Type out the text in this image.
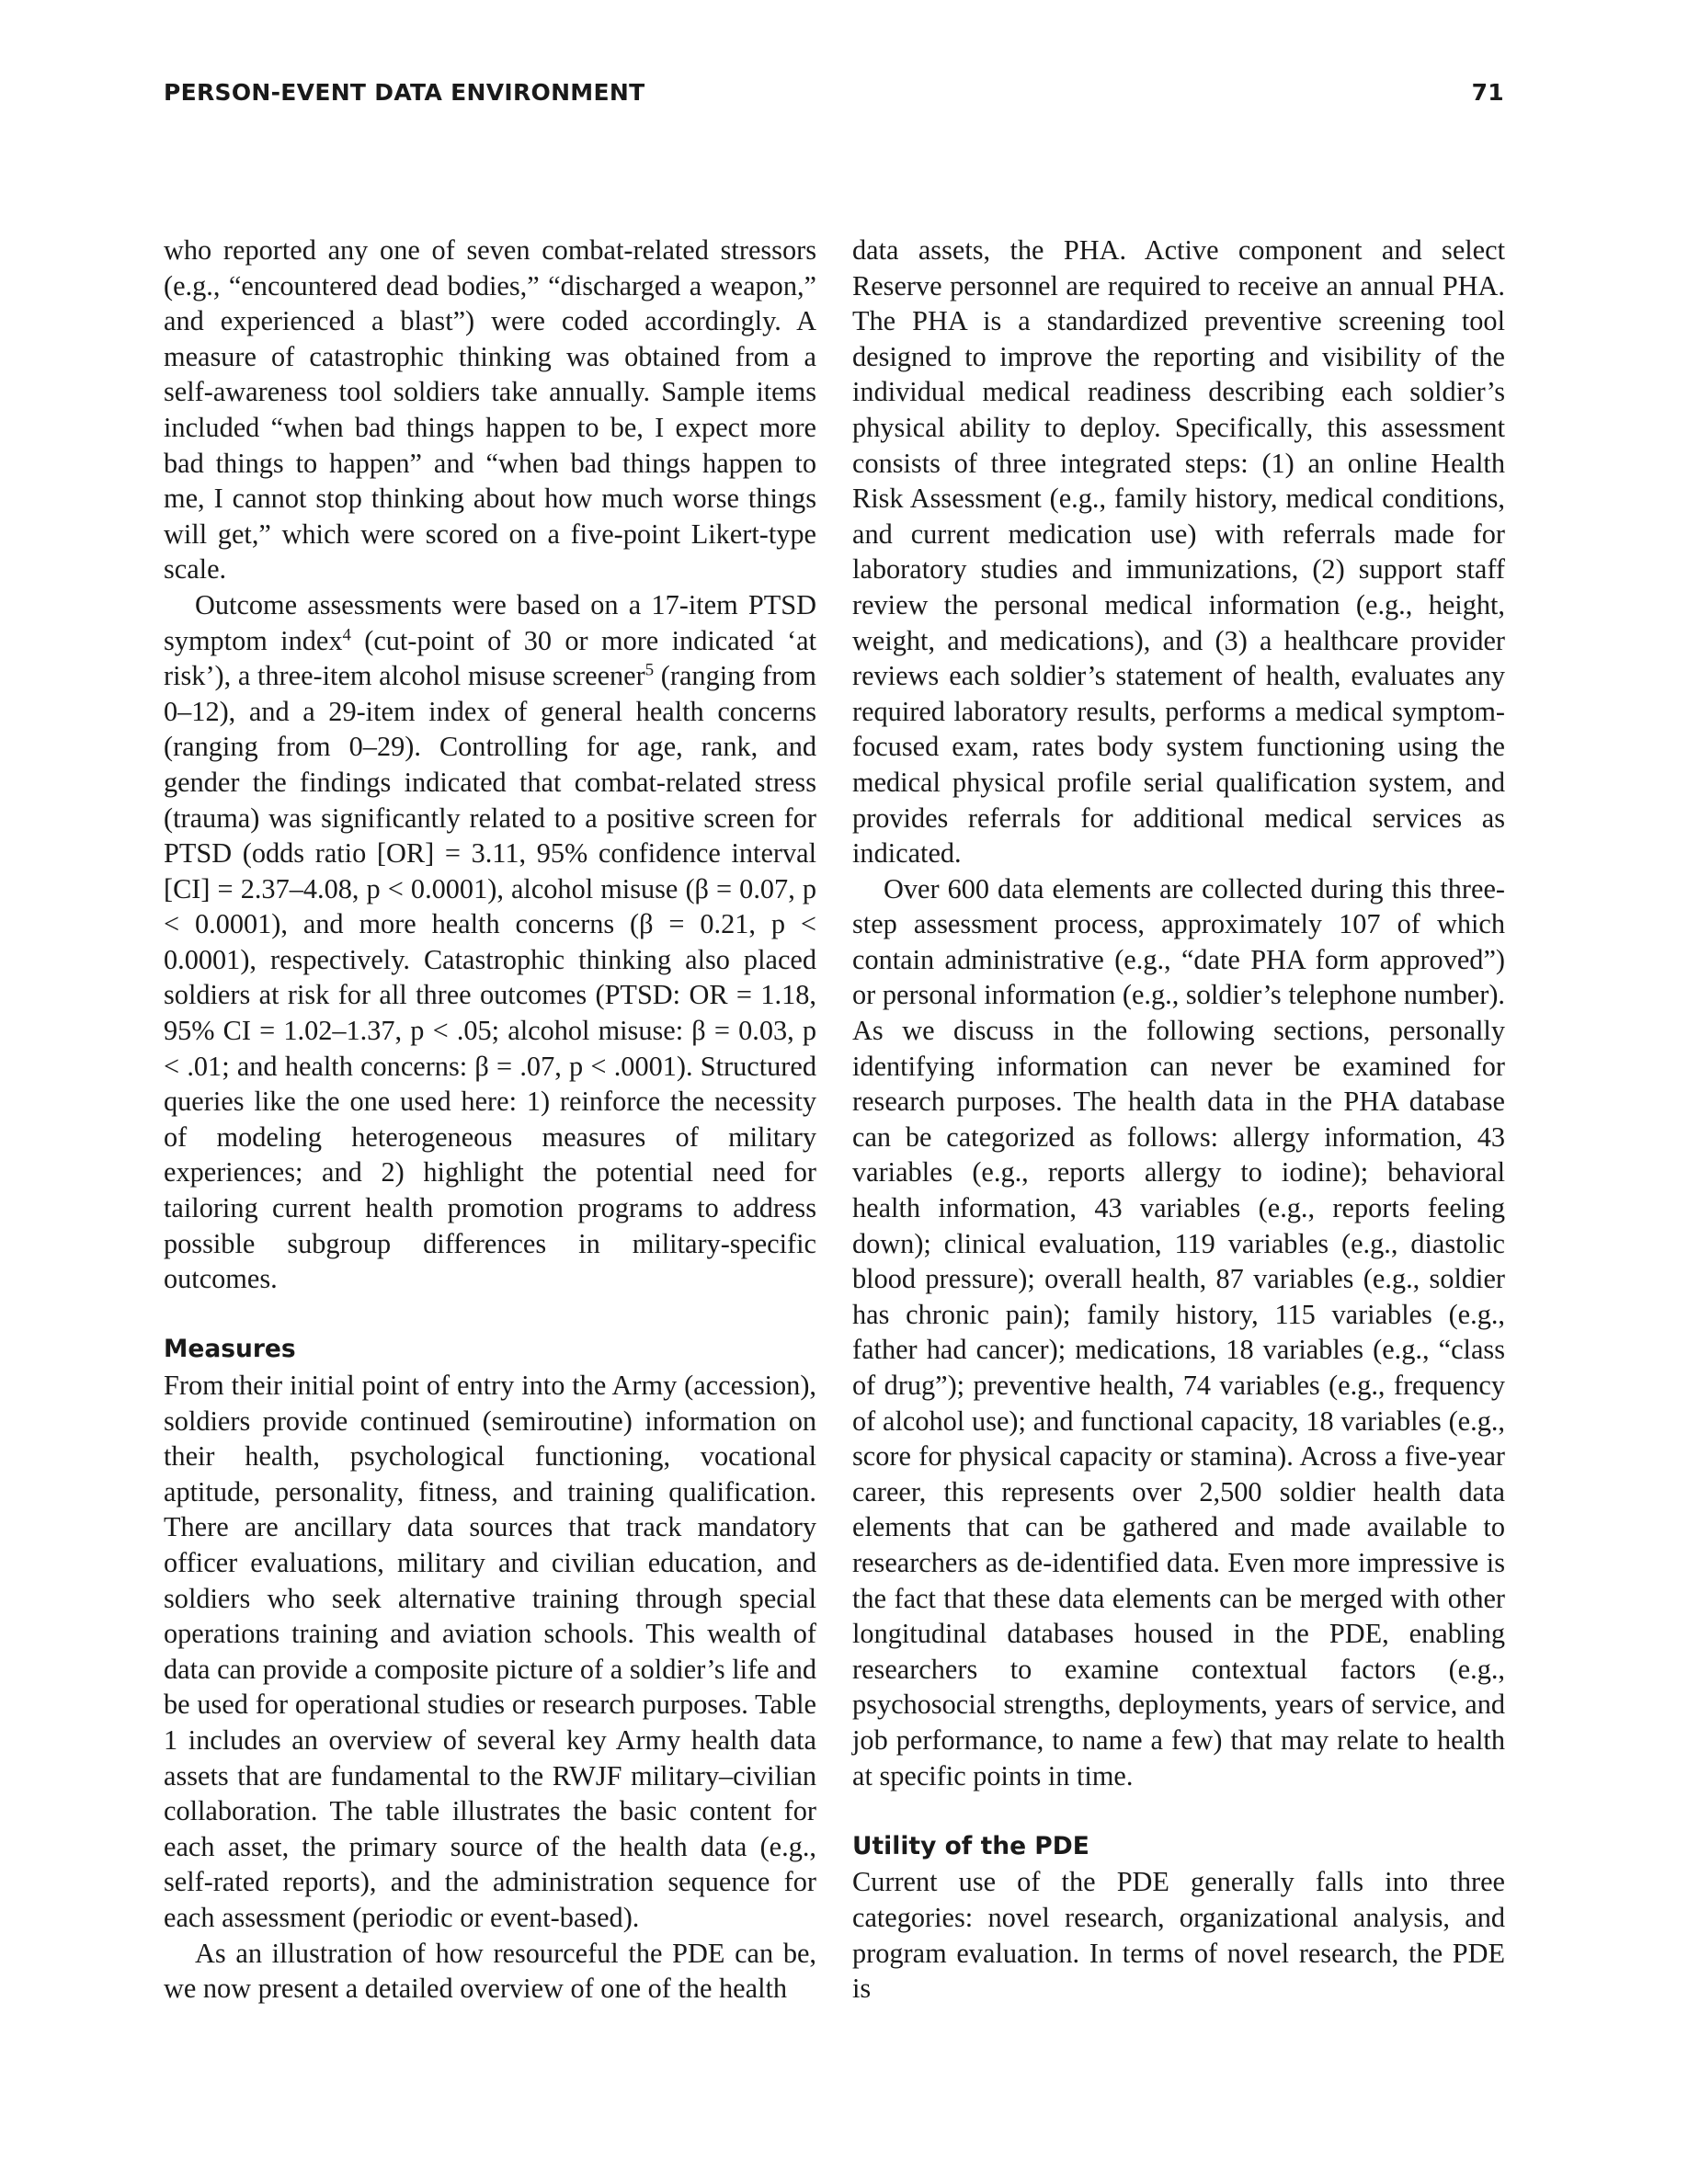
PERSON-EVENT DATA ENVIRONMENT	71

who reported any one of seven combat-related stressors (e.g., “encountered dead bodies,” “discharged a weapon,” and experienced a blast”) were coded accordingly. A measure of catastrophic thinking was obtained from a self-awareness tool soldiers take annually. Sample items included “when bad things happen to be, I expect more bad things to happen” and “when bad things happen to me, I cannot stop thinking about how much worse things will get,” which were scored on a five-point Likert-type scale.

Outcome assessments were based on a 17-item PTSD symptom index$^4$ (cut-point of 30 or more indicated ‘at risk’), a three-item alcohol misuse screener$^5$ (ranging from 0–12), and a 29-item index of general health concerns (ranging from 0–29). Controlling for age, rank, and gender the findings indicated that combat-related stress (trauma) was significantly related to a positive screen for PTSD (odds ratio [OR] = 3.11, 95% confidence interval [CI] = 2.37–4.08, p < 0.0001), alcohol misuse (β = 0.07, p < 0.0001), and more health concerns (β = 0.21, p < 0.0001), respectively. Catastrophic thinking also placed soldiers at risk for all three outcomes (PTSD: OR = 1.18, 95% CI = 1.02–1.37, p < .05; alcohol misuse: β = 0.03, p < .01; and health concerns: β = .07, p < .0001). Structured queries like the one used here: 1) reinforce the necessity of modeling heterogeneous measures of military experiences; and 2) highlight the potential need for tailoring current health promotion programs to address possible subgroup differences in military-specific outcomes.

Measures

From their initial point of entry into the Army (accession), soldiers provide continued (semiroutine) information on their health, psychological functioning, vocational aptitude, personality, fitness, and training qualification. There are ancillary data sources that track mandatory officer evaluations, military and civilian education, and soldiers who seek alternative training through special operations training and aviation schools. This wealth of data can provide a composite picture of a soldier’s life and be used for operational studies or research purposes. Table 1 includes an overview of several key Army health data assets that are fundamental to the RWJF military–civilian collaboration. The table illustrates the basic content for each asset, the primary source of the health data (e.g., self-rated reports), and the administration sequence for each assessment (periodic or event-based).

As an illustration of how resourceful the PDE can be, we now present a detailed overview of one of the health

data assets, the PHA. Active component and select Reserve personnel are required to receive an annual PHA. The PHA is a standardized preventive screening tool designed to improve the reporting and visibility of the individual medical readiness describing each soldier’s physical ability to deploy. Specifically, this assessment consists of three integrated steps: (1) an online Health Risk Assessment (e.g., family history, medical conditions, and current medication use) with referrals made for laboratory studies and immunizations, (2) support staff review the personal medical information (e.g., height, weight, and medications), and (3) a healthcare provider reviews each soldier’s statement of health, evaluates any required laboratory results, performs a medical symptom-focused exam, rates body system functioning using the medical physical profile serial qualification system, and provides referrals for additional medical services as indicated.

Over 600 data elements are collected during this three-step assessment process, approximately 107 of which contain administrative (e.g., “date PHA form approved”) or personal information (e.g., soldier’s telephone number). As we discuss in the following sections, personally identifying information can never be examined for research purposes. The health data in the PHA database can be categorized as follows: allergy information, 43 variables (e.g., reports allergy to iodine); behavioral health information, 43 variables (e.g., reports feeling down); clinical evaluation, 119 variables (e.g., diastolic blood pressure); overall health, 87 variables (e.g., soldier has chronic pain); family history, 115 variables (e.g., father had cancer); medications, 18 variables (e.g., “class of drug”); preventive health, 74 variables (e.g., frequency of alcohol use); and functional capacity, 18 variables (e.g., score for physical capacity or stamina). Across a five-year career, this represents over 2,500 soldier health data elements that can be gathered and made available to researchers as de-identified data. Even more impressive is the fact that these data elements can be merged with other longitudinal databases housed in the PDE, enabling researchers to examine contextual factors (e.g., psychosocial strengths, deployments, years of service, and job performance, to name a few) that may relate to health at specific points in time.

Utility of the PDE

Current use of the PDE generally falls into three categories: novel research, organizational analysis, and program evaluation. In terms of novel research, the PDE is
